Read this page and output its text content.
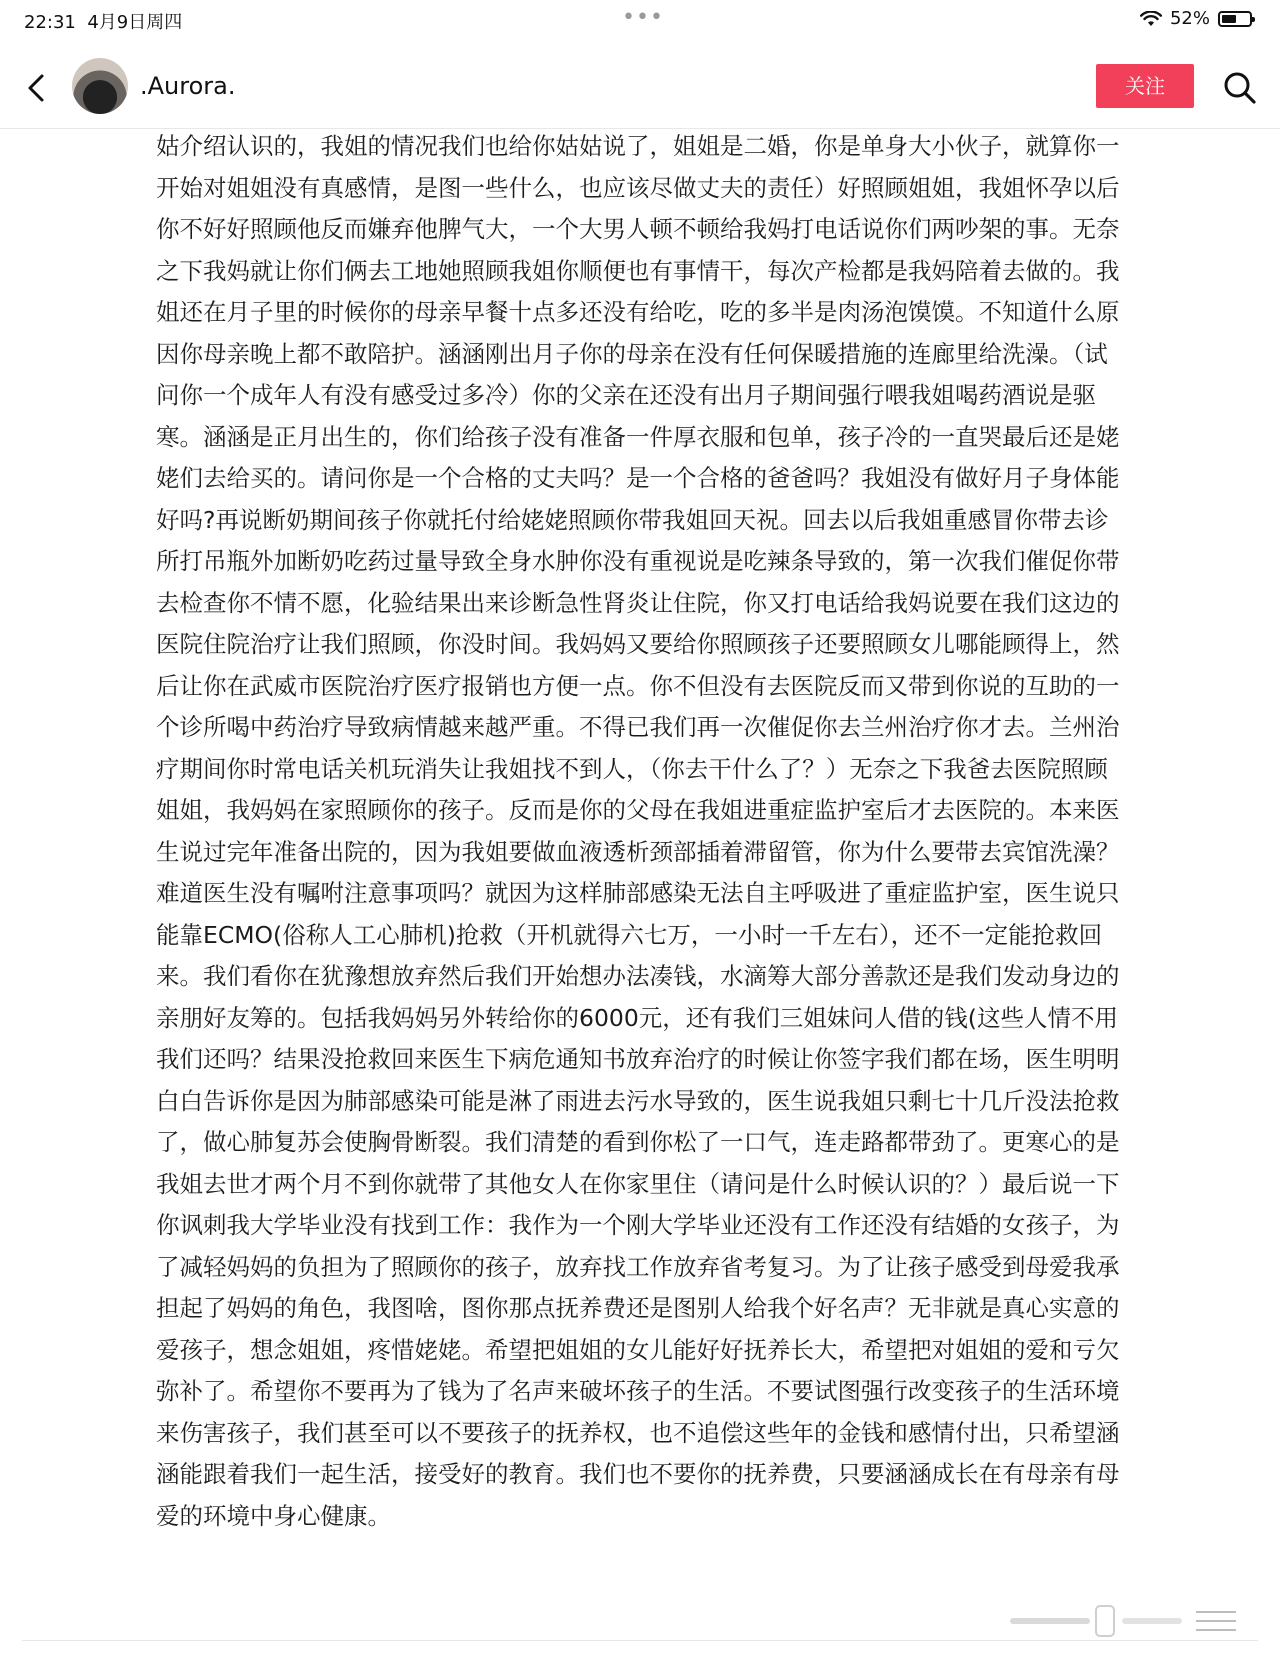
22:31 4月9日周四	•••	52%
.Aurora.	关注

姑介绍认识的，我姐的情况我们也给你姑姑说了，姐姐是二婚，你是单身大小伙子，就算你一开始对姐姐没有真感情，是图一些什么，也应该尽做丈夫的责任）好照顾姐姐，我姐怀孕以后你不好好照顾他反而嫌弃他脾气大，一个大男人顿不顿给我妈打电话说你们两吵架的事。无奈之下我妈就让你们俩去工地她照顾我姐你顺便也有事情干，每次产检都是我妈陪着去做的。我姐还在月子里的时候你的母亲早餐十点多还没有给吃，吃的多半是肉汤泡馍馍。不知道什么原因你母亲晚上都不敢陪护。涵涵刚出月子你的母亲在没有任何保暖措施的连廊里给洗澡。（试问你一个成年人有没有感受过多冷）你的父亲在还没有出月子期间强行喂我姐喝药酒说是驱寒。涵涵是正月出生的，你们给孩子没有准备一件厚衣服和包单，孩子冷的一直哭最后还是姥姥们去给买的。请问你是一个合格的丈夫吗？是一个合格的爸爸吗？我姐没有做好月子身体能好吗?再说断奶期间孩子你就托付给姥姥照顾你带我姐回天祝。回去以后我姐重感冒你带去诊所打吊瓶外加断奶吃药过量导致全身水肿你没有重视说是吃辣条导致的，第一次我们催促你带去检查你不情不愿，化验结果出来诊断急性肾炎让住院，你又打电话给我妈说要在我们这边的医院住院治疗让我们照顾，你没时间。我妈妈又要给你照顾孩子还要照顾女儿哪能顾得上，然后让你在武威市医院治疗医疗报销也方便一点。你不但没有去医院反而又带到你说的互助的一个诊所喝中药治疗导致病情越来越严重。不得已我们再一次催促你去兰州治疗你才去。兰州治疗期间你时常电话关机玩消失让我姐找不到人，（你去干什么了？）无奈之下我爸去医院照顾姐姐，我妈妈在家照顾你的孩子。反而是你的父母在我姐进重症监护室后才去医院的。本来医生说过完年准备出院的，因为我姐要做血液透析颈部插着滞留管，你为什么要带去宾馆洗澡？难道医生没有嘱咐注意事项吗？就因为这样肺部感染无法自主呼吸进了重症监护室，医生说只能靠ECMO(俗称人工心肺机)抢救（开机就得六七万，一小时一千左右），还不一定能抢救回来。我们看你在犹豫想放弃然后我们开始想办法凑钱，水滴筹大部分善款还是我们发动身边的亲朋好友筹的。包括我妈妈另外转给你的6000元，还有我们三姐妹问人借的钱(这些人情不用我们还吗？结果没抢救回来医生下病危通知书放弃治疗的时候让你签字我们都在场，医生明明白白告诉你是因为肺部感染可能是淋了雨进去污水导致的，医生说我姐只剩七十几斤没法抢救了，做心肺复苏会使胸骨断裂。我们清楚的看到你松了一口气，连走路都带劲了。更寒心的是我姐去世才两个月不到你就带了其他女人在你家里住（请问是什么时候认识的？）最后说一下你讽刺我大学毕业没有找到工作：我作为一个刚大学毕业还没有工作还没有结婚的女孩子，为了减轻妈妈的负担为了照顾你的孩子，放弃找工作放弃省考复习。为了让孩子感受到母爱我承担起了妈妈的角色，我图啥，图你那点抚养费还是图别人给我个好名声？无非就是真心实意的爱孩子，想念姐姐，疼惜姥姥。希望把姐姐的女儿能好好抚养长大，希望把对姐姐的爱和亏欠弥补了。希望你不要再为了钱为了名声来破坏孩子的生活。不要试图强行改变孩子的生活环境来伤害孩子，我们甚至可以不要孩子的抚养权，也不追偿这些年的金钱和感情付出，只希望涵涵能跟着我们一起生活，接受好的教育。我们也不要你的抚养费，只要涵涵成长在有母亲有母爱的环境中身心健康。
